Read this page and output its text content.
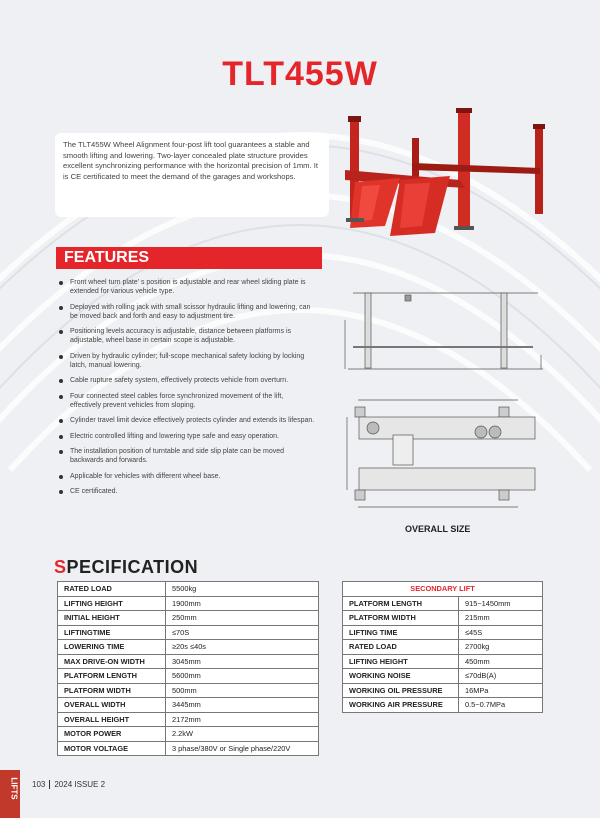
TLT455W
The TLT455W Wheel Alignment four-post lift tool guarantees a stable and smooth lifting and lowering. Two-layer concealed plate structure provides excellent synchronizing performance with the horizontal precision of 1mm. It is CE certificated to meet the demand of the garages and workshops.
FEATURES
Front wheel turn plate’ s position is adjustable and rear wheel sliding plate is extended for various vehicle type.
Deployed with rolling jack with small scissor hydraulic lifting and lowering, can be moved back and forth and easy to adjustment tire.
Positioning levels accuracy is adjustable, distance between platforms is adjustable, wheel base in certain scope is adjustable.
Driven by hydraulic cylinder; full-scope mechanical safety locking by locking latch, manual lowering.
Cable rupture safety system, effectively protects vehicle from overturn.
Four connected steel cables force synchronized movement of the lift, effectively prevent vehicles from sloping.
Cylinder travel limit device effectively protects cylinder and extends its lifespan.
Electric controlled lifting and lowering type safe and easy operation.
The installation position of turntable and side slip plate can be moved backwards and forwards.
Applicable for vehicles with different wheel base.
CE certificated.
OVERALL SIZE
SPECIFICATION
RATED LOAD	5500kg
LIFTING HEIGHT	1900mm
INITIAL HEIGHT	250mm
LIFTINGTIME	≤70S
LOWERING TIME	≥20s ≤40s
MAX DRIVE-ON WIDTH	3045mm
PLATFORM LENGTH	5600mm
PLATFORM WIDTH	500mm
OVERALL WIDTH	3445mm
OVERALL HEIGHT	2172mm
MOTOR POWER	2.2kW
MOTOR VOLTAGE	3 phase/380V or Single phase/220V
SECONDARY LIFT	
PLATFORM LENGTH	915~1450mm
PLATFORM WIDTH	215mm
LIFTING TIME	≤45S
RATED LOAD	2700kg
LIFTING HEIGHT	450mm
WORKING NOISE	≤70dB(A)
WORKING OIL PRESSURE	16MPa
WORKING AIR PRESSURE	0.5~0.7MPa
LIFTS 103 2024 ISSUE 2
